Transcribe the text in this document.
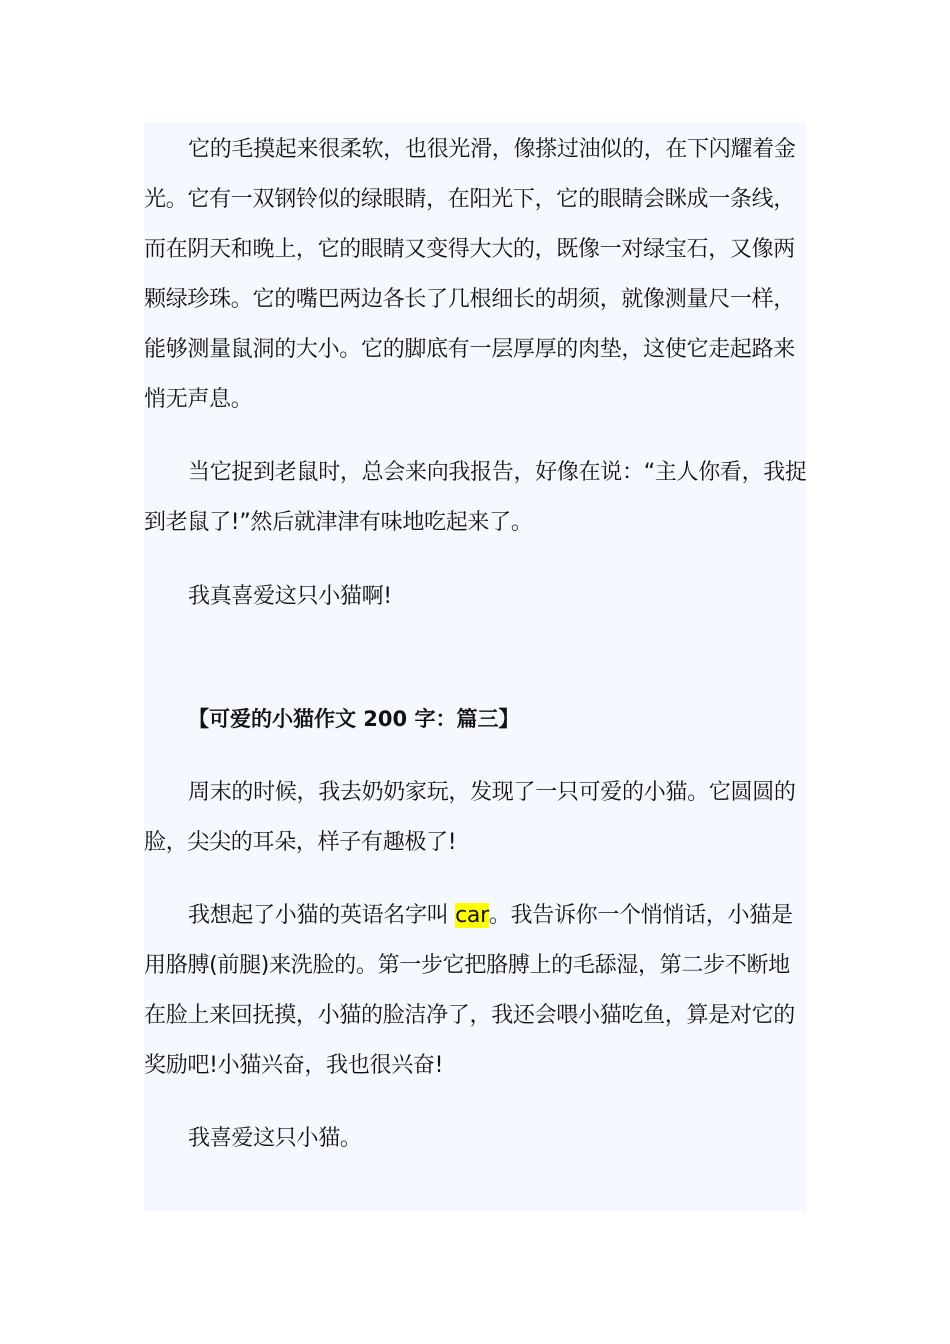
它的毛摸起来很柔软，也很光滑，像搽过油似的，在下闪耀着金光。它有一双钢铃似的绿眼睛，在阳光下，它的眼睛会眯成一条线，而在阴天和晚上，它的眼睛又变得大大的，既像一对绿宝石，又像两颗绿珍珠。它的嘴巴两边各长了几根细长的胡须，就像测量尺一样，能够测量鼠洞的大小。它的脚底有一层厚厚的肉垫，这使它走起路来悄无声息。

当它捉到老鼠时，总会来向我报告，好像在说：“主人你看，我捉到老鼠了!”然后就津津有味地吃起来了。

我真喜爱这只小猫啊!

【可爱的小猫作文 200 字：篇三】

周末的时候，我去奶奶家玩，发现了一只可爱的小猫。它圆圆的脸，尖尖的耳朵，样子有趣极了!

我想起了小猫的英语名字叫 car。我告诉你一个悄悄话，小猫是用胳膊(前腿)来洗脸的。第一步它把胳膊上的毛舔湿，第二步不断地在脸上来回抚摸，小猫的脸洁净了，我还会喂小猫吃鱼，算是对它的奖励吧!小猫兴奋，我也很兴奋!

我喜爱这只小猫。
